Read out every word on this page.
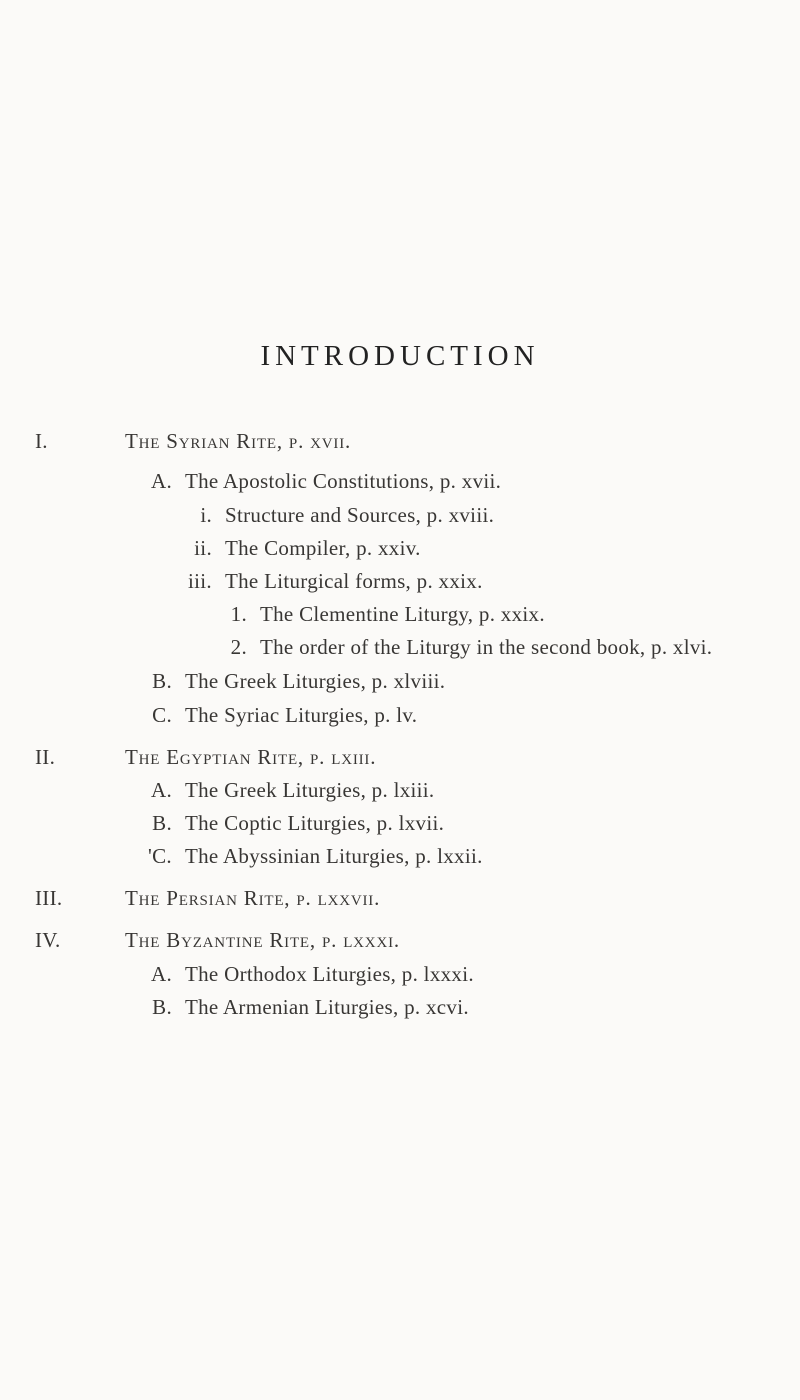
INTRODUCTION
I.	The Syrian Rite, p. xvii.
A. The Apostolic Constitutions, p. xvii.
i. Structure and Sources, p. xviii.
ii. The Compiler, p. xxiv.
iii. The Liturgical forms, p. xxix.
1. The Clementine Liturgy, p. xxix.
2. The order of the Liturgy in the second book, p. xlvi.
B. The Greek Liturgies, p. xlviii.
C. The Syriac Liturgies, p. lv.
II.	The Egyptian Rite, p. lxiii.
A. The Greek Liturgies, p. lxiii.
B. The Coptic Liturgies, p. lxvii.
'C. The Abyssinian Liturgies, p. lxxii.
III.	The Persian Rite, p. lxxvii.
IV.	The Byzantine Rite, p. lxxxi.
A. The Orthodox Liturgies, p. lxxxi.
B. The Armenian Liturgies, p. xcvi.
